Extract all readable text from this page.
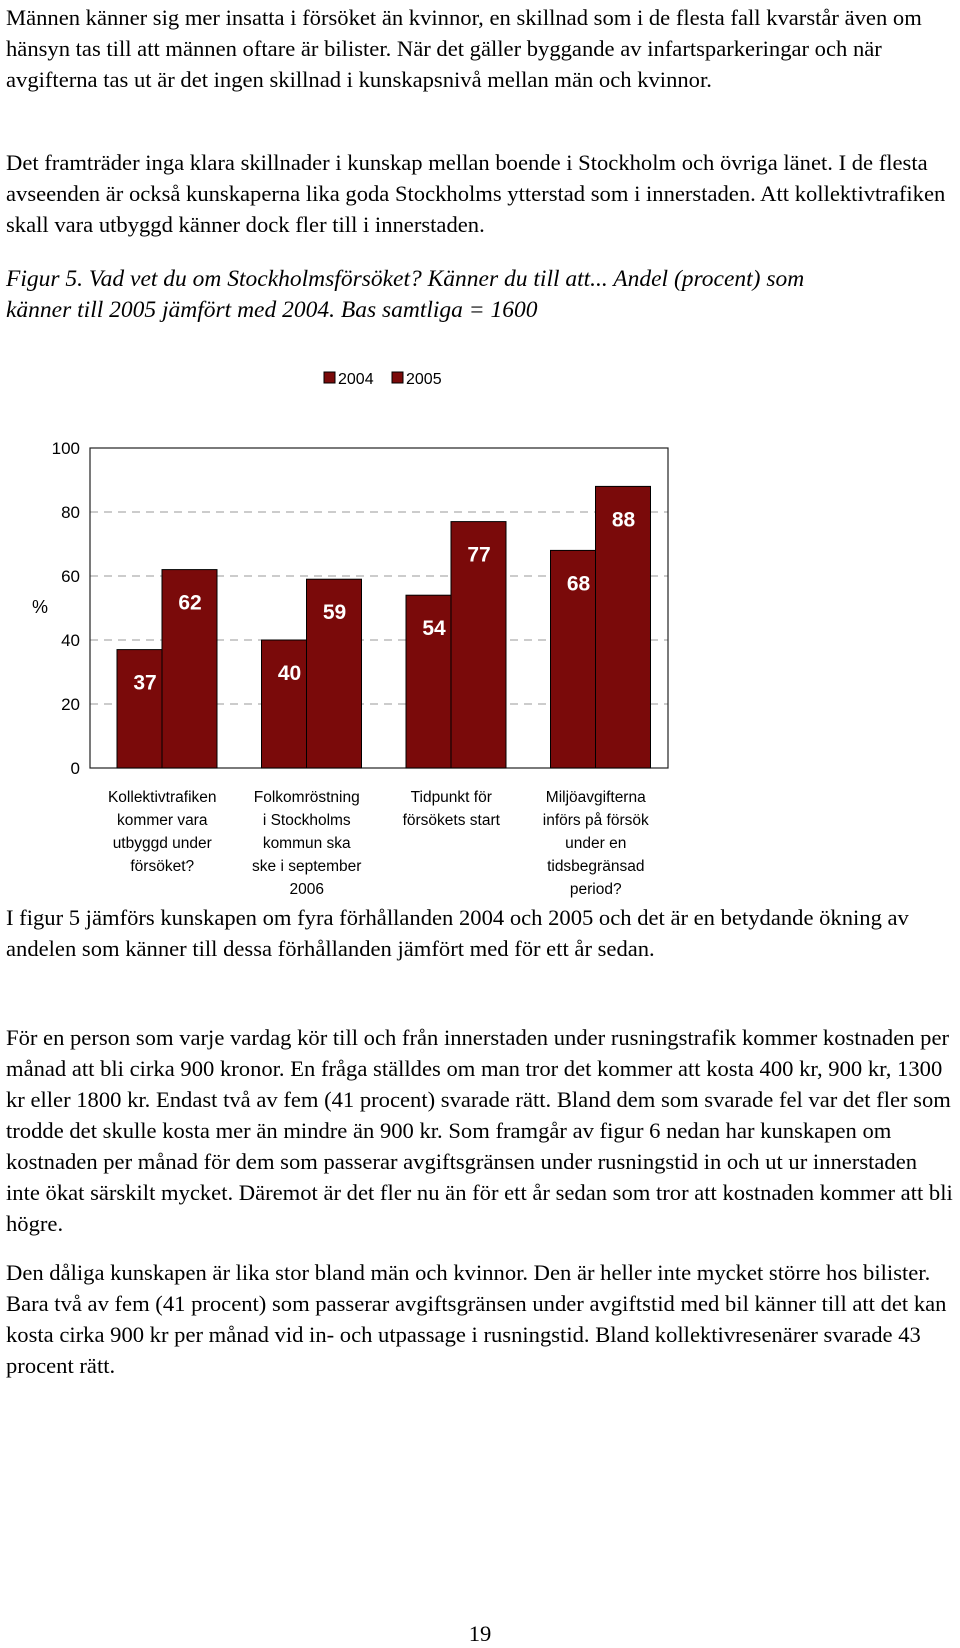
Männen känner sig mer insatta i försöket än kvinnor, en skillnad som i de flesta fall kvarstår även om hänsyn tas till att männen oftare är bilister. När det gäller byggande av infartsparkeringar och när avgifterna tas ut är det ingen skillnad i kunskapsnivå mellan män och kvinnor.

Det framträder inga klara skillnader i kunskap mellan boende i Stockholm och övriga länet. I de flesta avseenden är också kunskaperna lika goda Stockholms ytterstad som i innerstaden. Att kollektivtrafiken skall vara utbyggd känner dock fler till i innerstaden.

Figur 5. Vad vet du om Stockholmsförsöket? Känner du till att... Andel (procent) som
känner till 2005 jämfört med 2004. Bas samtliga = 1600
0
20
40
60
80
100
%
2004 2005
37
62
Kollektivtrafiken kommer vara utbyggd under försöket?
40
59
Folkomröstning i Stockholms kommun ska ske i september 2006
54
77
Tidpunkt för försökets start
68
88
Miljöavgifterna införs på försök under en tidsbegränsad period?

I figur 5 jämförs kunskapen om fyra förhållanden 2004 och 2005 och det är en betydande ökning av andelen som känner till dessa förhållanden jämfört med för ett år sedan.

För en person som varje vardag kör till och från innerstaden under rusningstrafik kommer kostnaden per månad att bli cirka 900 kronor. En fråga ställdes om man tror det kommer att kosta 400 kr, 900 kr, 1300 kr eller 1800 kr. Endast två av fem (41 procent) svarade rätt. Bland dem som svarade fel var det fler som trodde det skulle kosta mer än mindre än 900 kr. Som framgår av figur 6 nedan har kunskapen om kostnaden per månad för dem som passerar avgiftsgränsen under rusningstid in och ut ur innerstaden inte ökat särskilt mycket. Däremot är det fler nu än för ett år sedan som tror att kostnaden kommer att bli högre.

Den dåliga kunskapen är lika stor bland män och kvinnor. Den är heller inte mycket större hos bilister. Bara två av fem (41 procent) som passerar avgiftsgränsen under avgiftstid med bil känner till att det kan kosta cirka 900 kr per månad vid in- och utpassage i rusningstid. Bland kollektivresenärer svarade 43 procent rätt.

19
